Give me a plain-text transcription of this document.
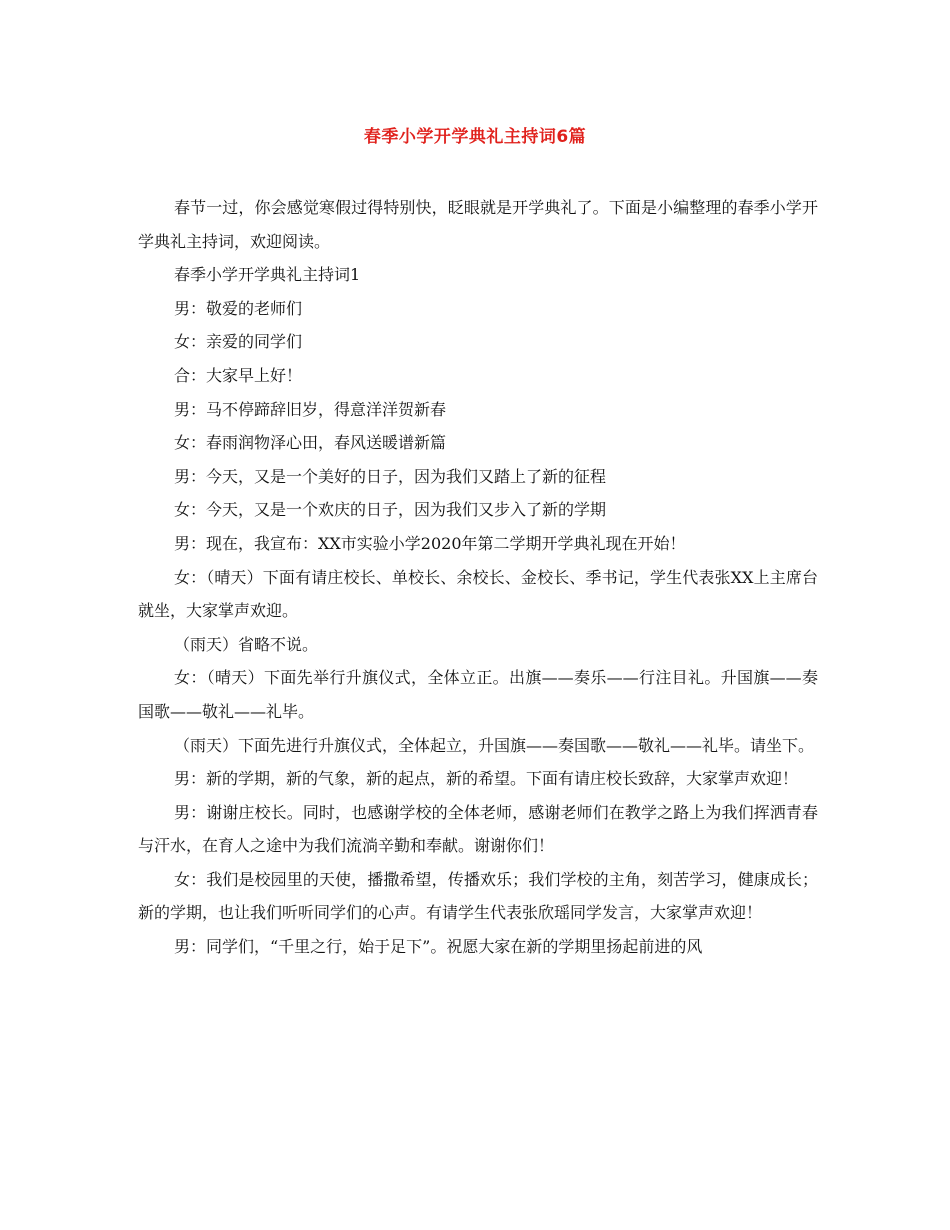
春季小学开学典礼主持词6篇

春节一过，你会感觉寒假过得特别快，眨眼就是开学典礼了。下面是小编整理的春季小学开学典礼主持词，欢迎阅读。

春季小学开学典礼主持词1

男：敬爱的老师们

女：亲爱的同学们

合：大家早上好！

男：马不停蹄辞旧岁，得意洋洋贺新春

女：春雨润物泽心田，春风送暖谱新篇

男：今天，又是一个美好的日子，因为我们又踏上了新的征程

女：今天，又是一个欢庆的日子，因为我们又步入了新的学期

男：现在，我宣布：XX市实验小学2020年第二学期开学典礼现在开始！

女：（晴天）下面有请庄校长、单校长、余校长、金校长、季书记，学生代表张XX上主席台就坐，大家掌声欢迎。

（雨天）省略不说。

女：（晴天）下面先举行升旗仪式，全体立正。出旗——奏乐——行注目礼。升国旗——奏国歌——敬礼——礼毕。

（雨天）下面先进行升旗仪式，全体起立，升国旗——奏国歌——敬礼——礼毕。请坐下。

男：新的学期，新的气象，新的起点，新的希望。下面有请庄校长致辞，大家掌声欢迎！

男：谢谢庄校长。同时，也感谢学校的全体老师，感谢老师们在教学之路上为我们挥洒青春与汗水，在育人之途中为我们流淌辛勤和奉献。谢谢你们！

女：我们是校园里的天使，播撒希望，传播欢乐；我们学校的主角，刻苦学习，健康成长；新的学期，也让我们听听同学们的心声。有请学生代表张欣瑶同学发言，大家掌声欢迎！

男：同学们，“千里之行，始于足下”。祝愿大家在新的学期里扬起前进的风
